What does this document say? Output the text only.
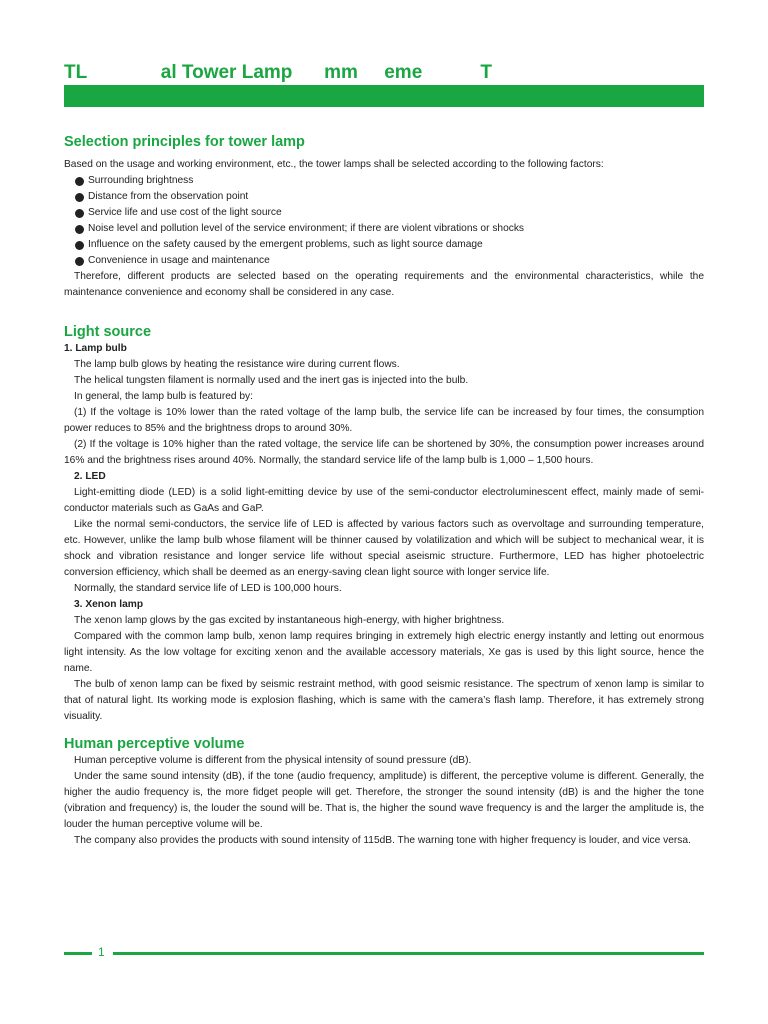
TL              al Tower Lamp      mm     eme           T
Selection principles for tower lamp

Based on the usage and working environment, etc., the tower lamps shall be selected according to the following factors:

Surrounding brightness
Distance from the observation point
Service life and use cost of the light source
Noise level and pollution level of the service environment; if there are violent vibrations or shocks
Influence on the safety caused by the emergent problems, such as light source damage
Convenience in usage and maintenance

Therefore, different products are selected based on the operating requirements and the environmental characteristics, while the maintenance convenience and economy shall be considered in any case.

Light source

1. Lamp bulb

The lamp bulb glows by heating the resistance wire during current flows.

The helical tungsten filament is normally used and the inert gas is injected into the bulb.

In general, the lamp bulb is featured by:

(1) If the voltage is 10% lower than the rated voltage of the lamp bulb, the service life can be increased by four times, the consumption power reduces to 85% and the brightness drops to around 30%.

(2) If the voltage is 10% higher than the rated voltage, the service life can be shortened by 30%, the consumption power increases around 16% and the brightness rises around 40%. Normally, the standard service life of the lamp bulb is 1,000 – 1,500 hours.

2. LED

Light-emitting diode (LED) is a solid light-emitting device by use of the semi-conductor electroluminescent effect, mainly made of semi-conductor materials such as GaAs and GaP.

Like the normal semi-conductors, the service life of LED is affected by various factors such as overvoltage and surrounding temperature, etc. However, unlike the lamp bulb whose filament will be thinner caused by volatilization and which will be subject to mechanical wear, it is shock and vibration resistance and longer service life without special aseismic structure. Furthermore, LED has higher photoelectric conversion efficiency, which shall be deemed as an energy-saving clean light source with longer service life.

Normally, the standard service life of LED is 100,000 hours.

3. Xenon lamp

The xenon lamp glows by the gas excited by instantaneous high-energy, with higher brightness.

Compared with the common lamp bulb, xenon lamp requires bringing in extremely high electric energy instantly and letting out enormous light intensity. As the low voltage for exciting xenon and the available accessory materials, Xe gas is used by this light source, hence the name.

The bulb of xenon lamp can be fixed by seismic restraint method, with good seismic resistance. The spectrum of xenon lamp is similar to that of natural light. Its working mode is explosion flashing, which is same with the camera’s flash lamp. Therefore, it has extremely strong visuality.

Human perceptive volume

Human perceptive volume is different from the physical intensity of sound pressure (dB).

Under the same sound intensity (dB), if the tone (audio frequency, amplitude) is different, the perceptive volume is different. Generally, the higher the audio frequency is, the more fidget people will get. Therefore, the stronger the sound intensity (dB) is and the higher the tone (vibration and frequency) is, the louder the sound will be. That is, the higher the sound wave frequency is and the larger the amplitude is, the louder the human perceptive volume will be.

The company also provides the products with sound intensity of 115dB. The warning tone with higher frequency is louder, and vice versa.

1
